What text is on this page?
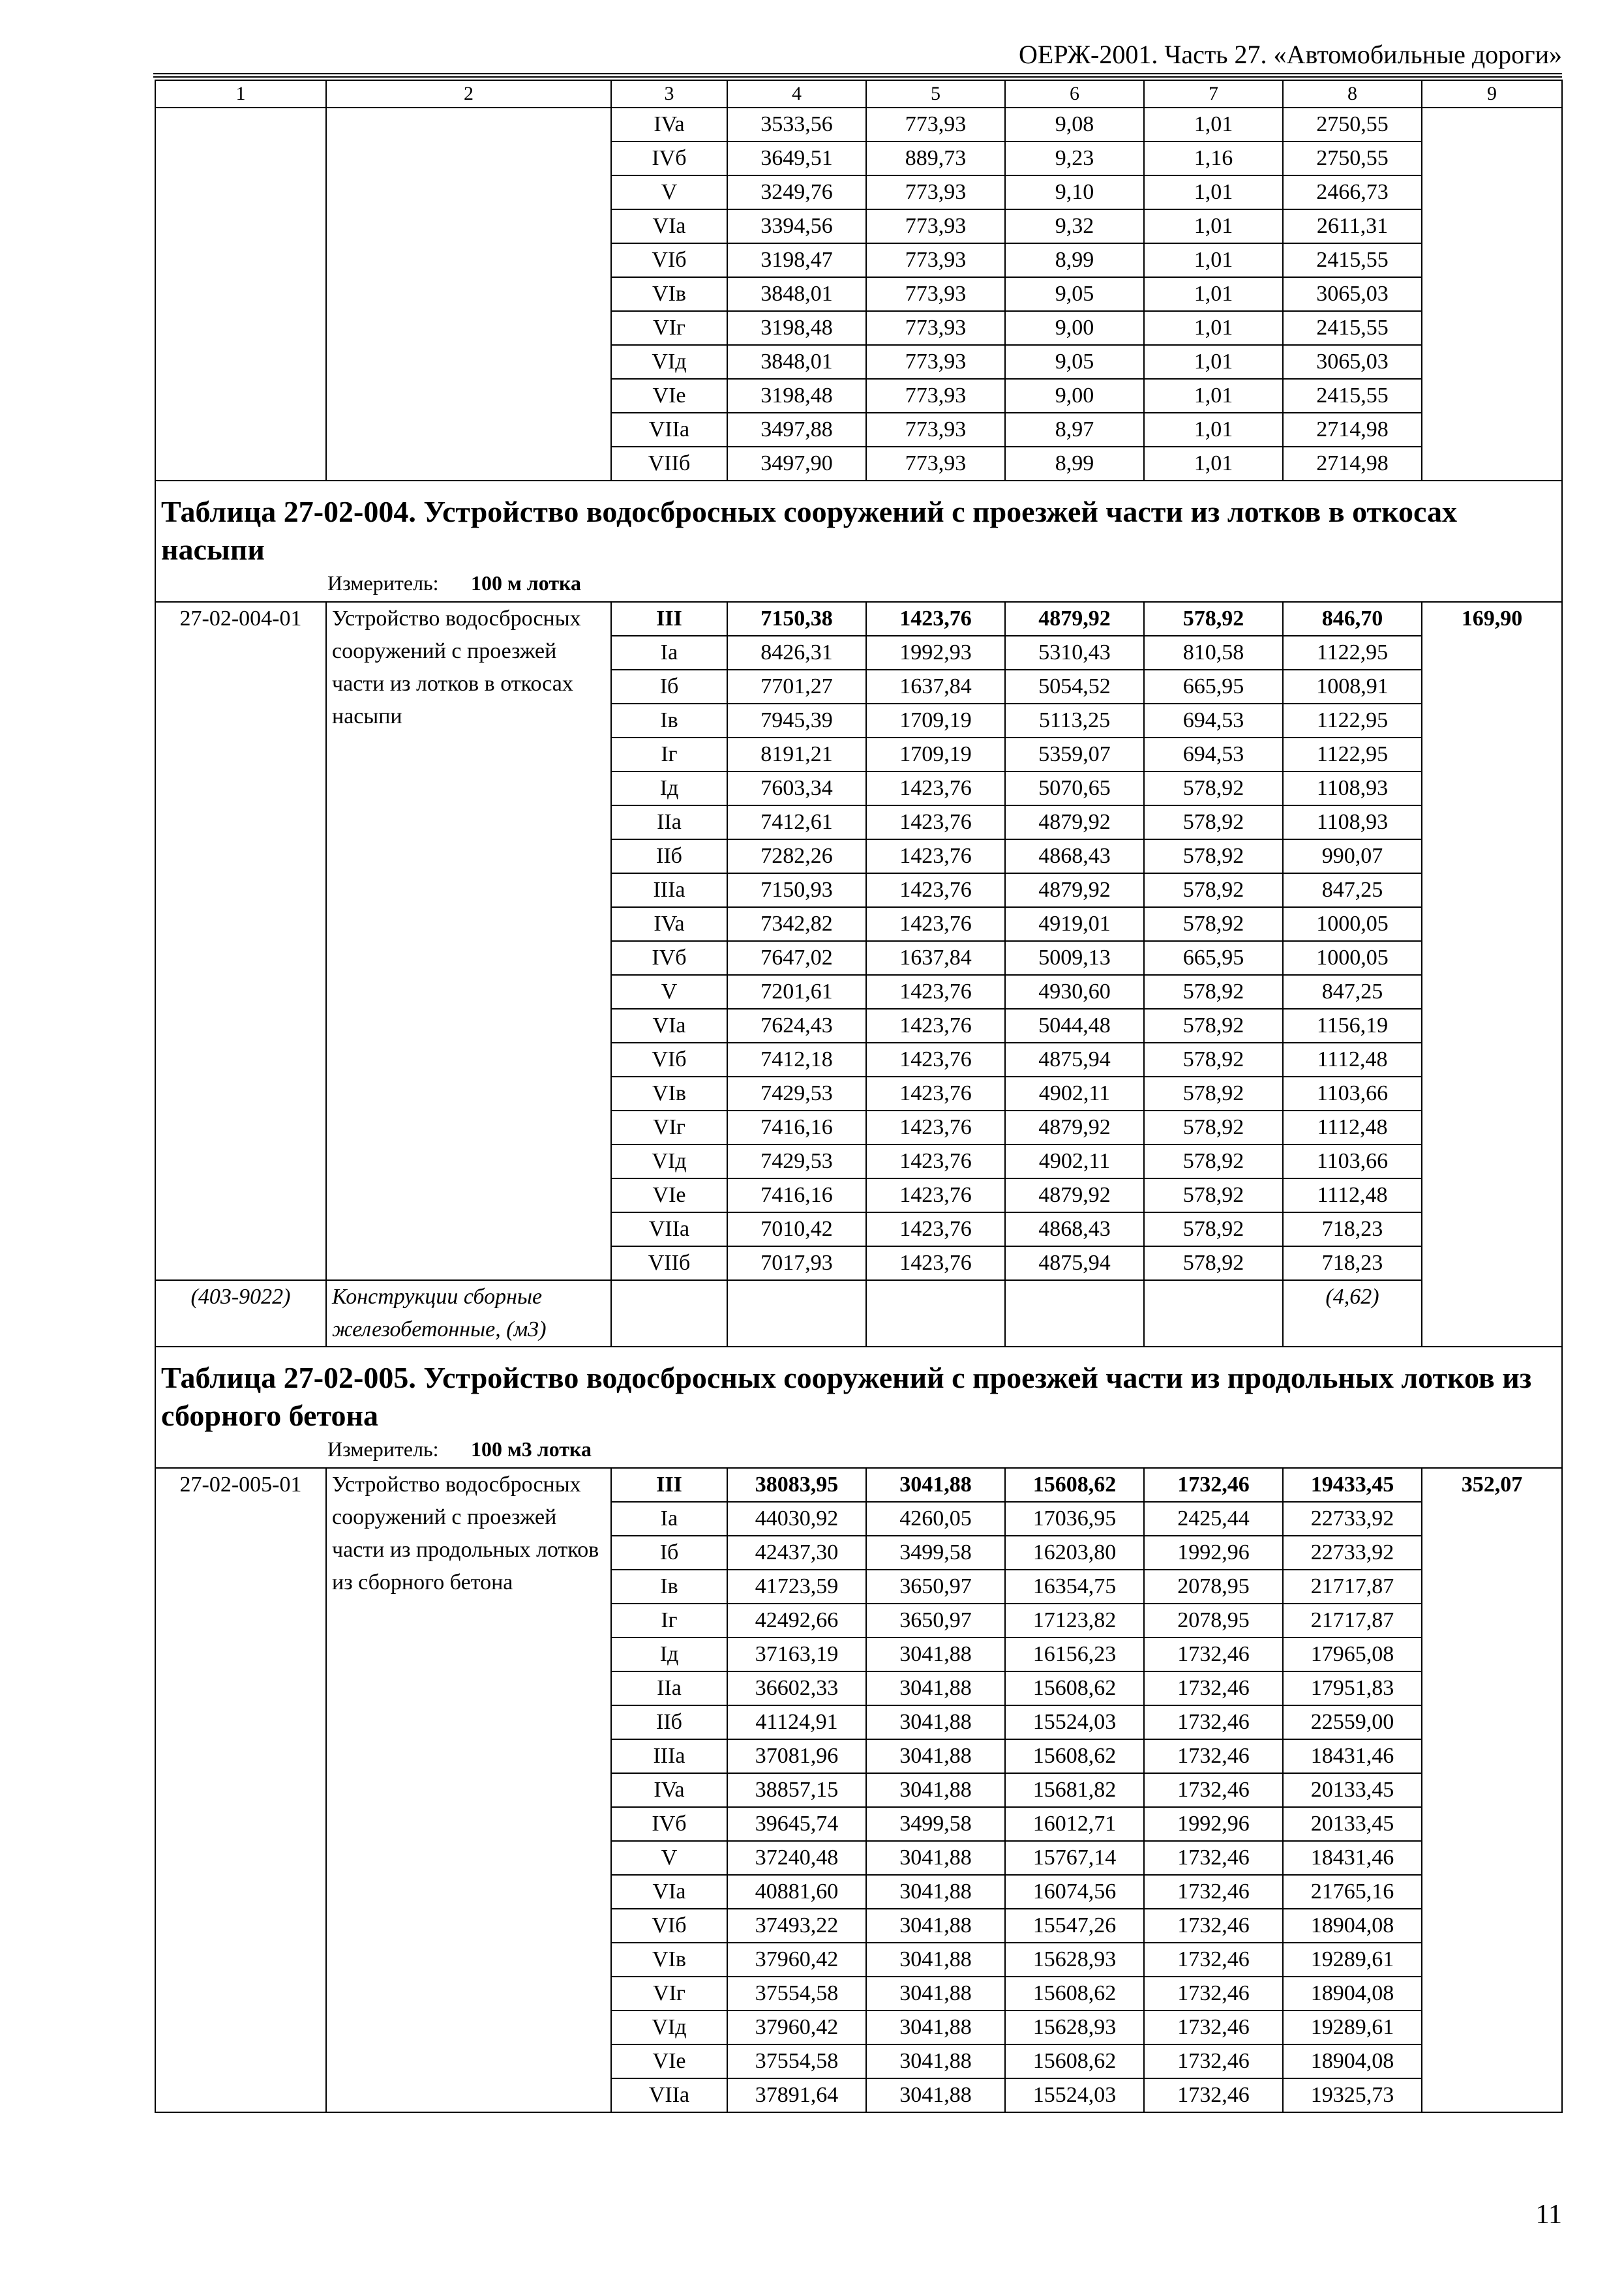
ОЕРЖ-2001. Часть 27. «Автомобильные дороги»
1	2	3	4	5	6	7	8	9
		IVa	3533,56	773,93	9,08	1,01	2750,55	
		IVб	3649,51	889,73	9,23	1,16	2750,55	
		V	3249,76	773,93	9,10	1,01	2466,73	
		VIa	3394,56	773,93	9,32	1,01	2611,31	
		VIб	3198,47	773,93	8,99	1,01	2415,55	
		VIв	3848,01	773,93	9,05	1,01	3065,03	
		VIг	3198,48	773,93	9,00	1,01	2415,55	
		VIд	3848,01	773,93	9,05	1,01	3065,03	
		VIe	3198,48	773,93	9,00	1,01	2415,55	
		VIIa	3497,88	773,93	8,97	1,01	2714,98	
		VIIб	3497,90	773,93	8,99	1,01	2714,98	

Таблица 27-02-004. Устройство водосбросных сооружений с проезжей части из лотков в откосах насыпи
Измеритель: 100 м лотка								

27-02-004-01	Устройство водосбросных сооружений с проезжей части из лотков в откосах насыпи	III	7150,38	1423,76	4879,92	578,92	846,70	169,90
		Ia	8426,31	1992,93	5310,43	810,58	1122,95	
		Iб	7701,27	1637,84	5054,52	665,95	1008,91	
		Iв	7945,39	1709,19	5113,25	694,53	1122,95	
		Iг	8191,21	1709,19	5359,07	694,53	1122,95	
		Iд	7603,34	1423,76	5070,65	578,92	1108,93	
		IIa	7412,61	1423,76	4879,92	578,92	1108,93	
		IIб	7282,26	1423,76	4868,43	578,92	990,07	
		IIIa	7150,93	1423,76	4879,92	578,92	847,25	
		IVa	7342,82	1423,76	4919,01	578,92	1000,05	
		IVб	7647,02	1637,84	5009,13	665,95	1000,05	
		V	7201,61	1423,76	4930,60	578,92	847,25	
		VIa	7624,43	1423,76	5044,48	578,92	1156,19	
		VIб	7412,18	1423,76	4875,94	578,92	1112,48	
		VIв	7429,53	1423,76	4902,11	578,92	1103,66	
		VIг	7416,16	1423,76	4879,92	578,92	1112,48	
		VIд	7429,53	1423,76	4902,11	578,92	1103,66	
		VIe	7416,16	1423,76	4879,92	578,92	1112,48	
		VIIa	7010,42	1423,76	4868,43	578,92	718,23	
		VIIб	7017,93	1423,76	4875,94	578,92	718,23	
(403-9022)	Конструкции сборные железобетонные, (м3)						(4,62)	

Таблица 27-02-005. Устройство водосбросных сооружений с проезжей части из продольных лотков из сборного бетона
Измеритель: 100 м3 лотка								

27-02-005-01	Устройство водосбросных сооружений с проезжей части из продольных лотков из сборного бетона	III	38083,95	3041,88	15608,62	1732,46	19433,45	352,07
		Ia	44030,92	4260,05	17036,95	2425,44	22733,92	
		Iб	42437,30	3499,58	16203,80	1992,96	22733,92	
		Iв	41723,59	3650,97	16354,75	2078,95	21717,87	
		Iг	42492,66	3650,97	17123,82	2078,95	21717,87	
		Iд	37163,19	3041,88	16156,23	1732,46	17965,08	
		IIa	36602,33	3041,88	15608,62	1732,46	17951,83	
		IIб	41124,91	3041,88	15524,03	1732,46	22559,00	
		IIIa	37081,96	3041,88	15608,62	1732,46	18431,46	
		IVa	38857,15	3041,88	15681,82	1732,46	20133,45	
		IVб	39645,74	3499,58	16012,71	1992,96	20133,45	
		V	37240,48	3041,88	15767,14	1732,46	18431,46	
		VIa	40881,60	3041,88	16074,56	1732,46	21765,16	
		VIб	37493,22	3041,88	15547,26	1732,46	18904,08	
		VIв	37960,42	3041,88	15628,93	1732,46	19289,61	
		VIг	37554,58	3041,88	15608,62	1732,46	18904,08	
		VIд	37960,42	3041,88	15628,93	1732,46	19289,61	
		VIe	37554,58	3041,88	15608,62	1732,46	18904,08	
		VIIa	37891,64	3041,88	15524,03	1732,46	19325,73	
11
